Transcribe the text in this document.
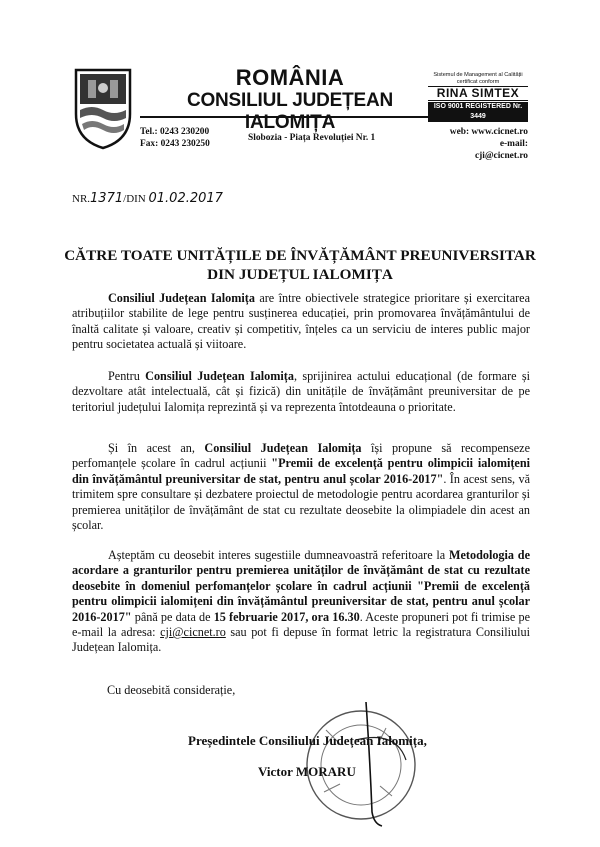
ROMÂNIA
CONSILIUL JUDEȚEAN IALOMIȚA
Sistemul de Management al Calității certificat conform
RINA SIMTEX
ISO 9001 REGISTERED Nr. 3449
Tel.: 0243 230200
Fax: 0243 230250
Slobozia - Piața Revoluției Nr. 1
web: www.cicnet.ro
e-mail: cji@cicnet.ro
NR.1371/DIN 01.02.2017
CĂTRE TOATE UNITĂȚILE DE ÎNVĂȚĂMÂNT PREUNIVERSITAR
DIN JUDEȚUL IALOMIȚA
Consiliul Județean Ialomița are între obiectivele strategice prioritare și exercitarea atribuțiilor stabilite de lege pentru susținerea educației, prin promovarea învățământului de înaltă calitate și valoare, creativ și competitiv, înțeles ca un serviciu de interes public major pentru societatea actuală și viitoare.
Pentru Consiliul Județean Ialomița, sprijinirea actului educațional (de formare și dezvoltare atât intelectuală, cât și fizică) din unitățile de învățământ preuniversitar de pe teritoriul județului Ialomița reprezintă și va reprezenta întotdeauna o prioritate.
Și în acest an, Consiliul Județean Ialomița își propune să recompenseze perfomanțele școlare în cadrul acțiunii "Premii de excelență pentru olimpicii ialomițeni din învățământul preuniversitar de stat, pentru anul școlar 2016-2017". În acest sens, vă trimitem spre consultare și dezbatere proiectul de metodologie pentru acordarea granturilor și premierea unităților de învățământ de stat cu rezultate deosebite la olimpiadele din acest an școlar.
Așteptăm cu deosebit interes sugestiile dumneavoastră referitoare la Metodologia de acordare a granturilor pentru premierea unităților de învățământ de stat cu rezultate deosebite în domeniul perfomanțelor școlare în cadrul acțiunii "Premii de excelență pentru olimpicii ialomițeni din învățământul preuniversitar de stat, pentru anul școlar 2016-2017" până pe data de 15 februarie 2017, ora 16.30. Aceste propuneri pot fi trimise pe e-mail la adresa: cji@cicnet.ro sau pot fi depuse în format letric la registratura Consiliului Județean Ialomița.
Cu deosebită considerație,
Președintele Consiliului Județean Ialomița,
Victor MORARU
